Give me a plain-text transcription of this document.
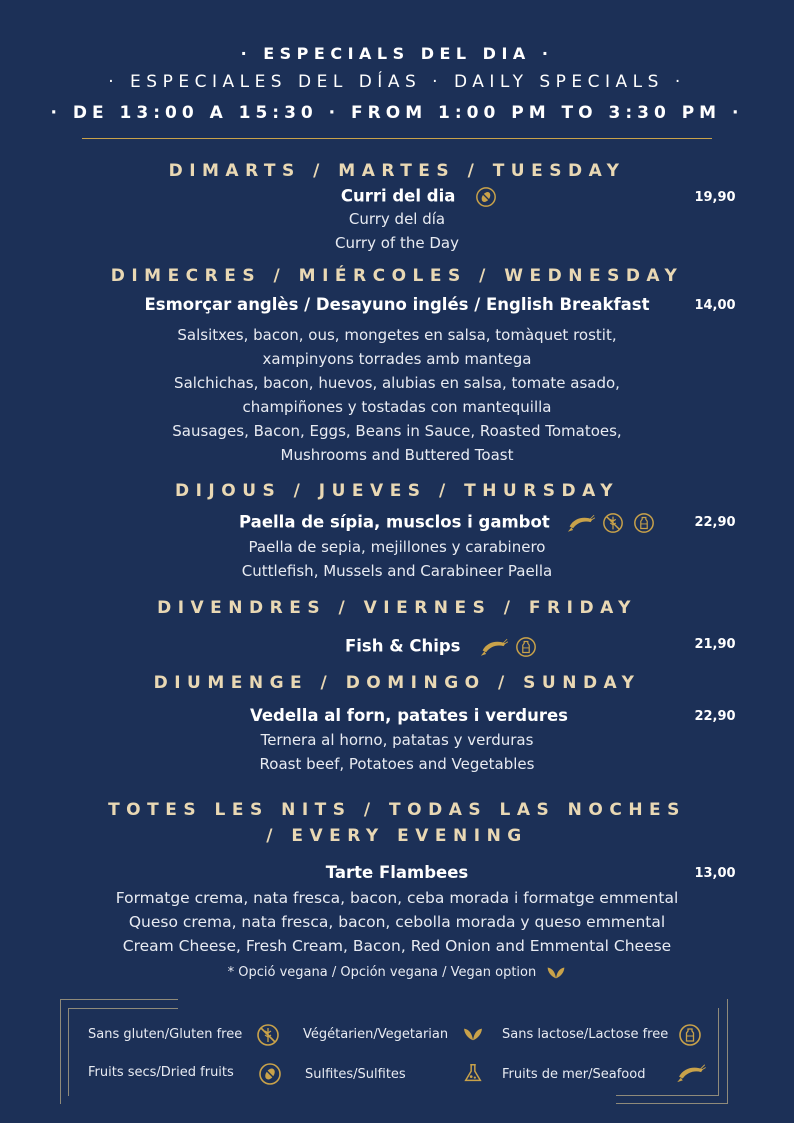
· ESPECIALS DEL DIA ·
· ESPECIALES DEL DÍAS · DAILY SPECIALS ·
· DE 13:00 A 15:30 · FROM 1:00 PM TO 3:30 PM ·
DIMARTS / MARTES / TUESDAY
Curri del dia	19,90
Curry del día
Curry of the Day
DIMECRES / MIÉRCOLES / WEDNESDAY
Esmorçar anglès / Desayuno inglés / English Breakfast	14,00
Salsitxes, bacon, ous, mongetes en salsa, tomàquet rostit,
xampinyons torrades amb mantega
Salchichas, bacon, huevos, alubias en salsa, tomate asado,
champiñones y tostadas con mantequilla
Sausages, Bacon, Eggs, Beans in Sauce, Roasted Tomatoes,
Mushrooms and Buttered Toast
DIJOUS / JUEVES / THURSDAY
Paella de sípia, musclos i gambot	22,90
Paella de sepia, mejillones y carabinero
Cuttlefish, Mussels and Carabineer Paella
DIVENDRES / VIERNES / FRIDAY
Fish & Chips	21,90
DIUMENGE / DOMINGO / SUNDAY
Vedella al forn, patates i verdures	22,90
Ternera al horno, patatas y verduras
Roast beef, Potatoes and Vegetables
TOTES LES NITS / TODAS LAS NOCHES
/ EVERY EVENING
Tarte Flambees	13,00
Formatge crema, nata fresca, bacon, ceba morada i formatge emmental
Queso crema, nata fresca, bacon, cebolla morada y queso emmental
Cream Cheese, Fresh Cream, Bacon, Red Onion and Emmental Cheese
* Opció vegana / Opción vegana / Vegan option
Sans gluten/Gluten free	Végétarien/Vegetarian	Sans lactose/Lactose free
Fruits secs/Dried fruits	Sulfites/Sulfites	Fruits de mer/Seafood
